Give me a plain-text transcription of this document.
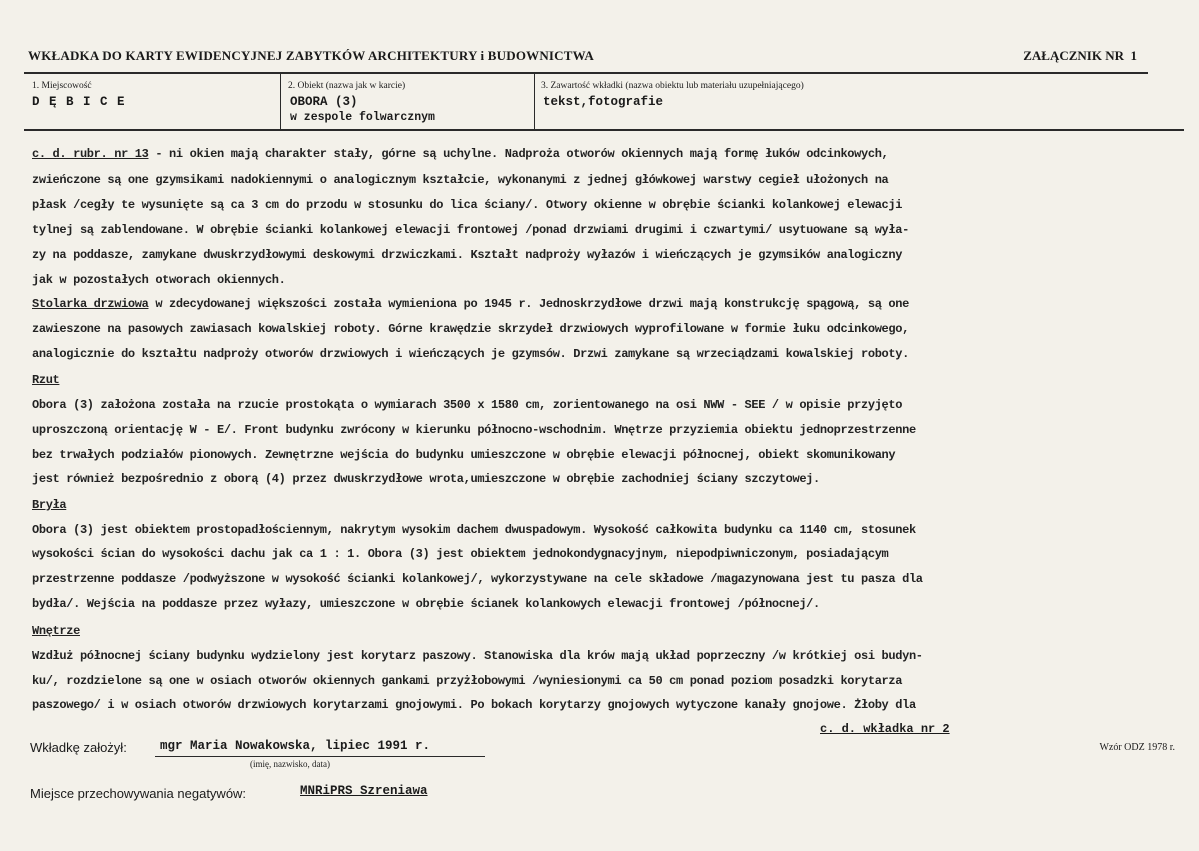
WKŁADKA DO KARTY EWIDENCYJNEJ ZABYTKÓW ARCHITEKTURY i BUDOWNICTWA	ZAŁĄCZNIK NR 1
1. Miejscowość
D Ę B I C E
2. Obiekt (nazwa jak w karcie)
OBORA (3)
w zespole folwarcznym
3. Zawartość wkładki (nazwa obiektu lub materiału uzupełniającego)
tekst,fotografie
c. d. rubr. nr 13 - ni okien mają charakter stały, górne są uchylne. Nadproża otworów okiennych mają formę łuków odcinkowych,
zwieńczone są one gzymsikami nadokiennymi o analogicznym kształcie, wykonanymi z jednej główkowej warstwy cegieł ułożonych na
płask /cegły te wysunięte są ca 3 cm do przodu w stosunku do lica ściany/. Otwory okienne w obrębie ścianki kolankowej elewacji
tylnej są zablendowane. W obrębie ścianki kolankowej elewacji frontowej /ponad drzwiami drugimi i czwartymi/ usytuowane są wyła-
zy na poddasze, zamykane dwuskrzydłowymi deskowymi drzwiczkami. Kształt nadproży wyłazów i wieńczących je gzymsików analogiczny
jak w pozostałych otworach okiennych.
Stolarka drzwiowa w zdecydowanej większości została wymieniona po 1945 r. Jednoskrzydłowe drzwi mają konstrukcję spągową, są one
zawieszone na pasowych zawiasach kowalskiej roboty. Górne krawędzie skrzydeł drzwiowych wyprofilowane w formie łuku odcinkowego,
analogicznie do kształtu nadproży otworów drzwiowych i wieńczących je gzymsów. Drzwi zamykane są wrzeciądzami kowalskiej roboty.
Rzut
Obora (3) założona została na rzucie prostokąta o wymiarach 3500 x 1580 cm, zorientowanego na osi NWW - SEE / w opisie przyjęto
uproszczoną orientację W - E/. Front budynku zwrócony w kierunku północno-wschodnim. Wnętrze przyziemia obiektu jednoprzestrzenne
bez trwałych podziałów pionowych. Zewnętrzne wejścia do budynku umieszczone w obrębie elewacji północnej, obiekt skomunikowany
jest również bezpośrednio z oborą (4) przez dwuskrzydłowe wrota,umieszczone w obrębie zachodniej ściany szczytowej.
Bryła
Obora (3) jest obiektem prostopadłościennym, nakrytym wysokim dachem dwuspadowym. Wysokość całkowita budynku ca 1140 cm, stosunek
wysokości ścian do wysokości dachu jak ca 1 : 1. Obora (3) jest obiektem jednokondygnacyjnym, niepodpiwniczonym, posiadającym
przestrzenne poddasze /podwyższone w wysokość ścianki kolankowej/, wykorzystywane na cele składowe /magazynowana jest tu pasza dla
bydła/. Wejścia na poddasze przez wyłazy, umieszczone w obrębie ścianek kolankowych elewacji frontowej /północnej/.
Wnętrze
Wzdłuż północnej ściany budynku wydzielony jest korytarz paszowy. Stanowiska dla krów mają układ poprzeczny /w krótkiej osi budyn-
ku/, rozdzielone są one w osiach otworów okiennych gankami przyżłobowymi /wyniesionymi ca 50 cm ponad poziom posadzki korytarza
paszowego/ i w osiach otworów drzwiowych korytarzami gnojowymi. Po bokach korytarzy gnojowych wytyczone kanały gnojowe. Żłoby dla
c. d. wkładka nr 2
Wkładkę założył:	mgr Maria Nowakowska, lipiec 1991 r.
(imię, nazwisko, data)
Wzór ODZ 1978 r.
Miejsce przechowywania negatywów:	MNRiPRS Szreniawa
